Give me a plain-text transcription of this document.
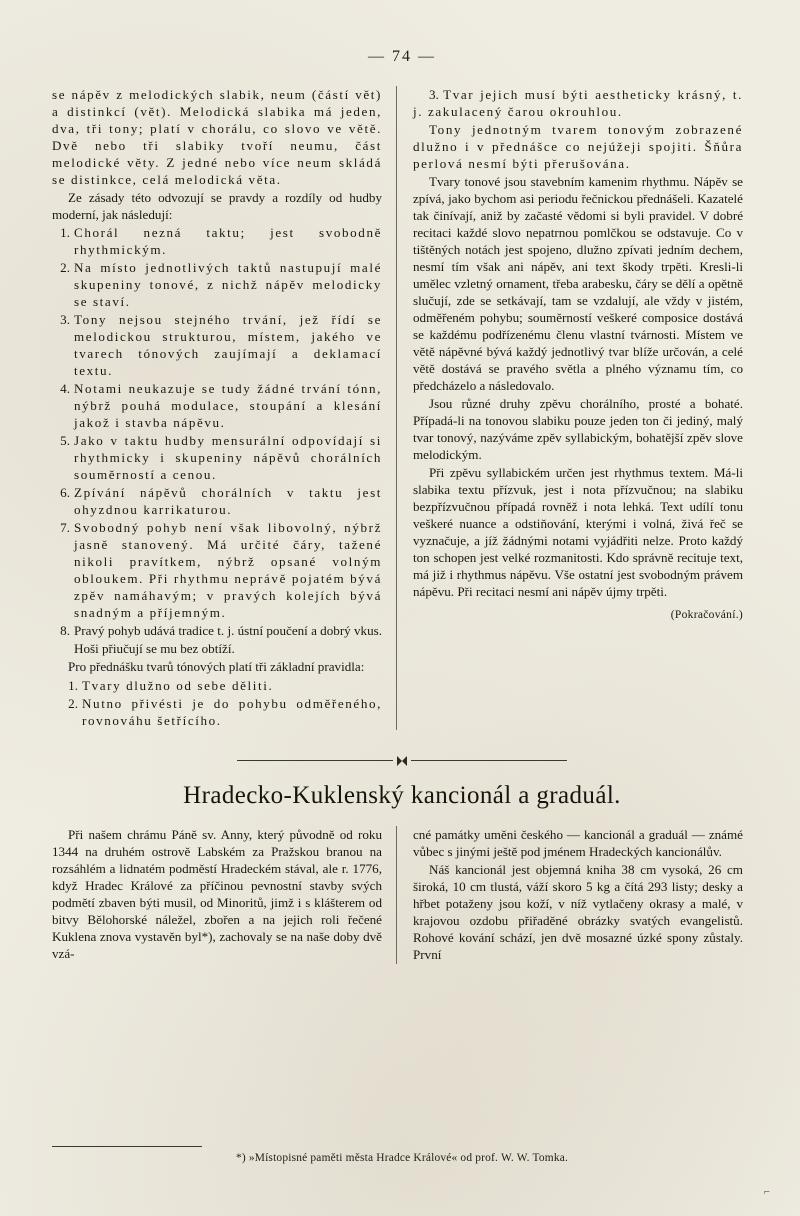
— 74 —

se nápěv z melodických slabik, neum (částí vět) a distinkcí (vět). Melodická slabika má jeden, dva, tři tony; platí v chorálu, co slovo ve větě. Dvě nebo tři slabiky tvoří neumu, část melodické věty. Z jedné nebo více neum skládá se distinkce, celá melodická věta.

Ze zásady této odvozují se pravdy a rozdíly od hudby moderní, jak následují:

1. Chorál nezná taktu; jest svobodně rhythmickým.
2. Na místo jednotlivých taktů nastupují malé skupeniny tonové, z nichž nápěv melodicky se staví.
3. Tony nejsou stejného trvání, jež řídí se melodickou strukturou, místem, jakého ve tvarech tónových zaujímají a deklamací textu.
4. Notami neukazuje se tudy žádné trvání tónn, nýbrž pouhá modulace, stoupání a klesání jakož i stavba nápěvu.
5. Jako v taktu hudby mensurální odpovídají si rhythmicky i skupeniny nápěvů chorálních souměrností a cenou.
6. Zpívání nápěvů chorálních v taktu jest ohyzdnou karrikaturou.
7. Svobodný pohyb není však libovolný, nýbrž jasně stanovený. Má určité čáry, tažené nikoli pravítkem, nýbrž opsané volným obloukem. Při rhythmu neprávě pojatém bývá zpěv namáhavým; v pravých kolejích bývá snadným a příjemným.
8. Pravý pohyb udává tradice t. j. ústní poučení a dobrý vkus. Hoši přiučují se mu bez obtíží.

Pro přednášku tvarů tónových platí tři základní pravidla:

1. Tvary dlužno od sebe děliti.
2. Nutno přivésti je do pohybu odměřeného, rovnováhu šetřícího.

3. Tvar jejich musí býti aestheticky krásný, t. j. zakulacený čarou okrouhlou.

Tony jednotným tvarem tonovým zobrazené dlužno i v přednášce co nejúžeji spojiti. Šňůra perlová nesmí býti přerušována.

Tvary tonové jsou stavebním kamenim rhythmu. Nápěv se zpívá, jako bychom asi periodu řečnickou přednášeli. Kazatelé tak činívají, aniž by začasté vědomi si byli pravidel. V dobré recitaci každé slovo nepatrnou pomlčkou se odstavuje. Co v tištěných notách jest spojeno, dlužno zpívati jedním dechem, nesmí tím však ani nápěv, ani text škody trpěti. Kresli-li umělec vzletný ornament, třeba arabesku, čáry se dělí a opětně slučují, zde se setkávají, tam se vzdalují, ale vždy v jistém, odměřeném pohybu; souměrností veškeré composice dostává se každému podřízenému členu vlastní tvárnosti. Místem ve větě nápěvné bývá každý jednotlivý tvar blíže určován, a celé větě dostává se pravého světla a plného významu tím, co předcházelo a následovalo.

Jsou různé druhy zpěvu chorálního, prosté a bohaté. Případá-li na tonovou slabiku pouze jeden ton či jediný, malý tvar tonový, nazýváme zpěv syllabickým, bohatější zpěv slove melodickým.

Při zpěvu syllabickém určen jest rhythmus textem. Má-li slabika textu přízvuk, jest i nota přízvučnou; na slabiku bezpřízvučnou případá rovněž i nota lehká. Text udílí tonu veškeré nuance a odstiňování, kterými i volná, živá řeč se vyznačuje, a jíž žádnými notami vyjádřiti nelze. Proto každý ton schopen jest velké rozmanitosti. Kdo správně recituje text, má již i rhythmus nápěvu. Vše ostatní jest svobodným právem nápěvu. Při recitaci nesmí ani nápěv újmy trpěti.

(Pokračování.)
Hradecko-Kuklenský kancionál a graduál.

Při našem chrámu Páně sv. Anny, který původně od roku 1344 na druhém ostrově Labském za Pražskou branou na rozsáhlém a lidnatém podměstí Hradeckém stával, ale r. 1776, když Hradec Králové za příčinou pevnostní stavby svých podmětí zbaven býti musil, od Minoritů, jimž i s klášterem od bitvy Bělohorské náležel, zbořen a na jejich roli řečené Kuklena znova vystavěn byl*), zachovaly se na naše doby dvě vzá-

cné památky uměni českého — kancionál a graduál — známé vůbec s jinými ještě pod jménem Hradeckých kancionálův.

Náš kancionál jest objemná kniha 38 cm vysoká, 26 cm široká, 10 cm tlustá, váží skoro 5 kg a čítá 293 listy; desky a hřbet potaženy jsou koží, v níž vytlačeny okrasy a malé, v krajovou ozdobu přiřaděné obrázky svatých evangelistů. Rohové kování schází, jen dvě mosazné úzké spony zůstaly. První

*) »Místopisné paměti města Hradce Králové« od prof. W. W. Tomka.
⌐
